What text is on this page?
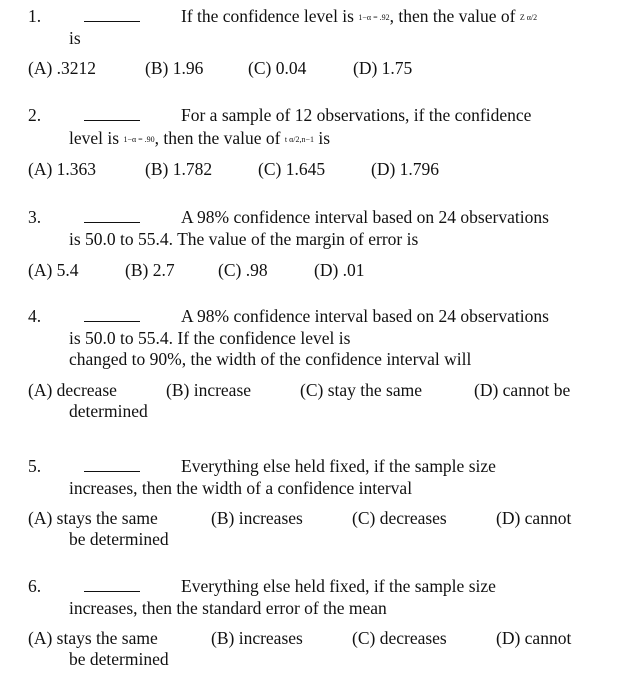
1.	If the confidence level is 1−α = .92, then the value of Z α/2
is
(A) .3212	(B) 1.96	(C) 0.04	(D) 1.75
2.	For a sample of 12 observations, if the confidence
level is 1−α = .90, then the value of t α/2,n−1 is
(A) 1.363	(B) 1.782	(C) 1.645	(D) 1.796
3.	A 98% confidence interval based on 24 observations
is 50.0 to 55.4. The value of the margin of error is
(A) 5.4	(B) 2.7 (C) .98	(D) .01
4.	A 98% confidence interval based on 24 observations
is 50.0 to 55.4. If the confidence level is
changed to 90%, the width of the confidence interval will
(A) decrease	(B) increase	(C) stay the same	(D) cannot be
determined
5.	Everything else held fixed, if the sample size
increases, then the width of a confidence interval
(A) stays the same	(B) increases	(C) decreases	(D) cannot
be determined
6.	Everything else held fixed, if the sample size
increases, then the standard error of the mean
(A) stays the same	(B) increases	(C) decreases	(D) cannot
be determined
